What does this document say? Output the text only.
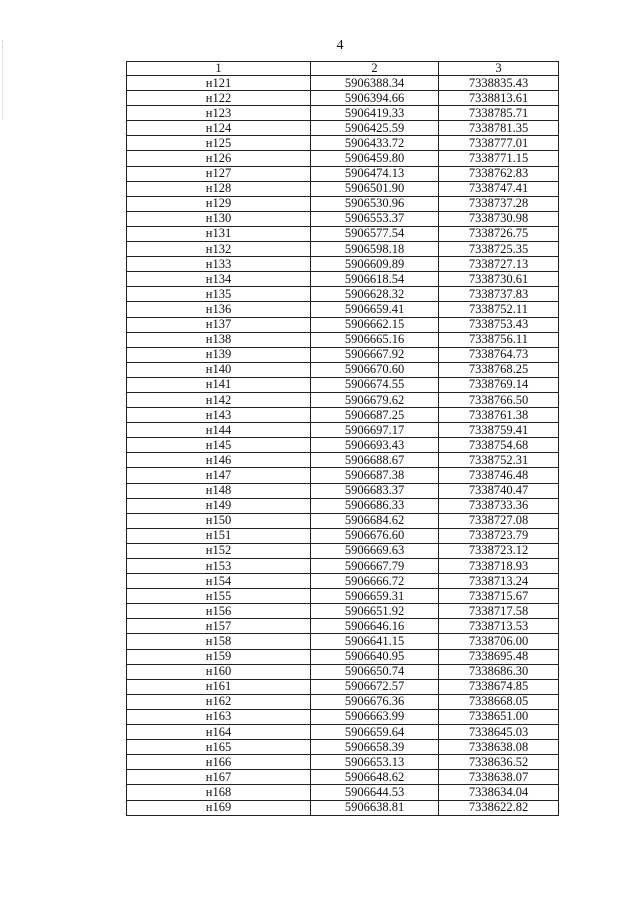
4
1	2	3
н121	5906388.34	7338835.43
н122	5906394.66	7338813.61
н123	5906419.33	7338785.71
н124	5906425.59	7338781.35
н125	5906433.72	7338777.01
н126	5906459.80	7338771.15
н127	5906474.13	7338762.83
н128	5906501.90	7338747.41
н129	5906530.96	7338737.28
н130	5906553.37	7338730.98
н131	5906577.54	7338726.75
н132	5906598.18	7338725.35
н133	5906609.89	7338727.13
н134	5906618.54	7338730.61
н135	5906628.32	7338737.83
н136	5906659.41	7338752.11
н137	5906662.15	7338753.43
н138	5906665.16	7338756.11
н139	5906667.92	7338764.73
н140	5906670.60	7338768.25
н141	5906674.55	7338769.14
н142	5906679.62	7338766.50
н143	5906687.25	7338761.38
н144	5906697.17	7338759.41
н145	5906693.43	7338754.68
н146	5906688.67	7338752.31
н147	5906687.38	7338746.48
н148	5906683.37	7338740.47
н149	5906686.33	7338733.36
н150	5906684.62	7338727.08
н151	5906676.60	7338723.79
н152	5906669.63	7338723.12
н153	5906667.79	7338718.93
н154	5906666.72	7338713.24
н155	5906659.31	7338715.67
н156	5906651.92	7338717.58
н157	5906646.16	7338713.53
н158	5906641.15	7338706.00
н159	5906640.95	7338695.48
н160	5906650.74	7338686.30
н161	5906672.57	7338674.85
н162	5906676.36	7338668.05
н163	5906663.99	7338651.00
н164	5906659.64	7338645.03
н165	5906658.39	7338638.08
н166	5906653.13	7338636.52
н167	5906648.62	7338638.07
н168	5906644.53	7338634.04
н169	5906638.81	7338622.82
